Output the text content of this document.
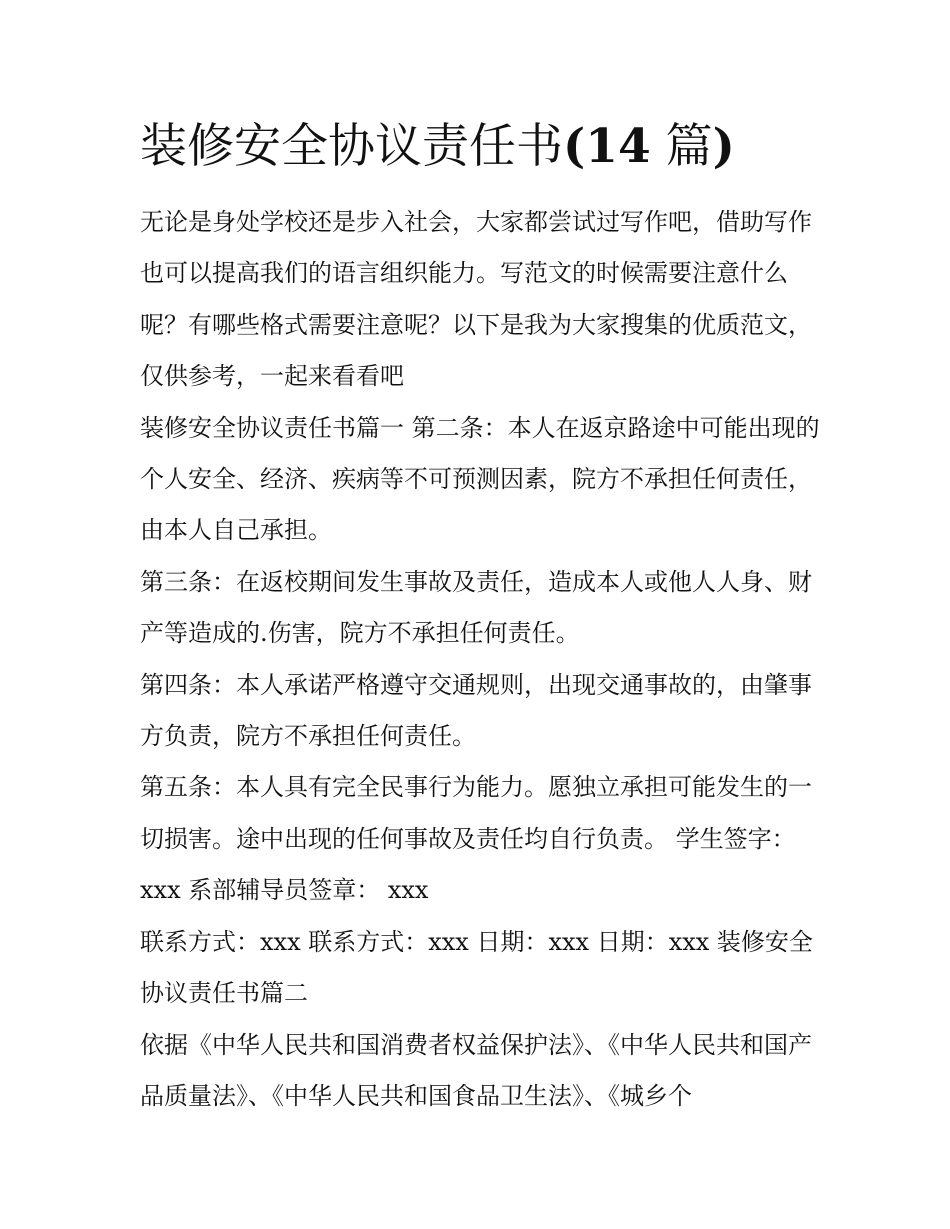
装修安全协议责任书(14 篇)

无论是身处学校还是步入社会，大家都尝试过写作吧，借助写作也可以提高我们的语言组织能力。写范文的时候需要注意什么呢？有哪些格式需要注意呢？以下是我为大家搜集的优质范文，仅供参考，一起来看看吧

装修安全协议责任书篇一 第二条：本人在返京路途中可能出现的个人安全、经济、疾病等不可预测因素，院方不承担任何责任，由本人自己承担。

第三条：在返校期间发生事故及责任，造成本人或他人人身、财产等造成的.伤害，院方不承担任何责任。

第四条：本人承诺严格遵守交通规则，出现交通事故的，由肇事方负责，院方不承担任何责任。

第五条：本人具有完全民事行为能力。愿独立承担可能发生的一切损害。途中出现的任何事故及责任均自行负责。 学生签字：xxx 系部辅导员签章： xxx

联系方式：xxx 联系方式：xxx 日期：xxx 日期：xxx 装修安全协议责任书篇二

依据《中华人民共和国消费者权益保护法》、《中华人民共和国产品质量法》、《中华人民共和国食品卫生法》、《城乡个
